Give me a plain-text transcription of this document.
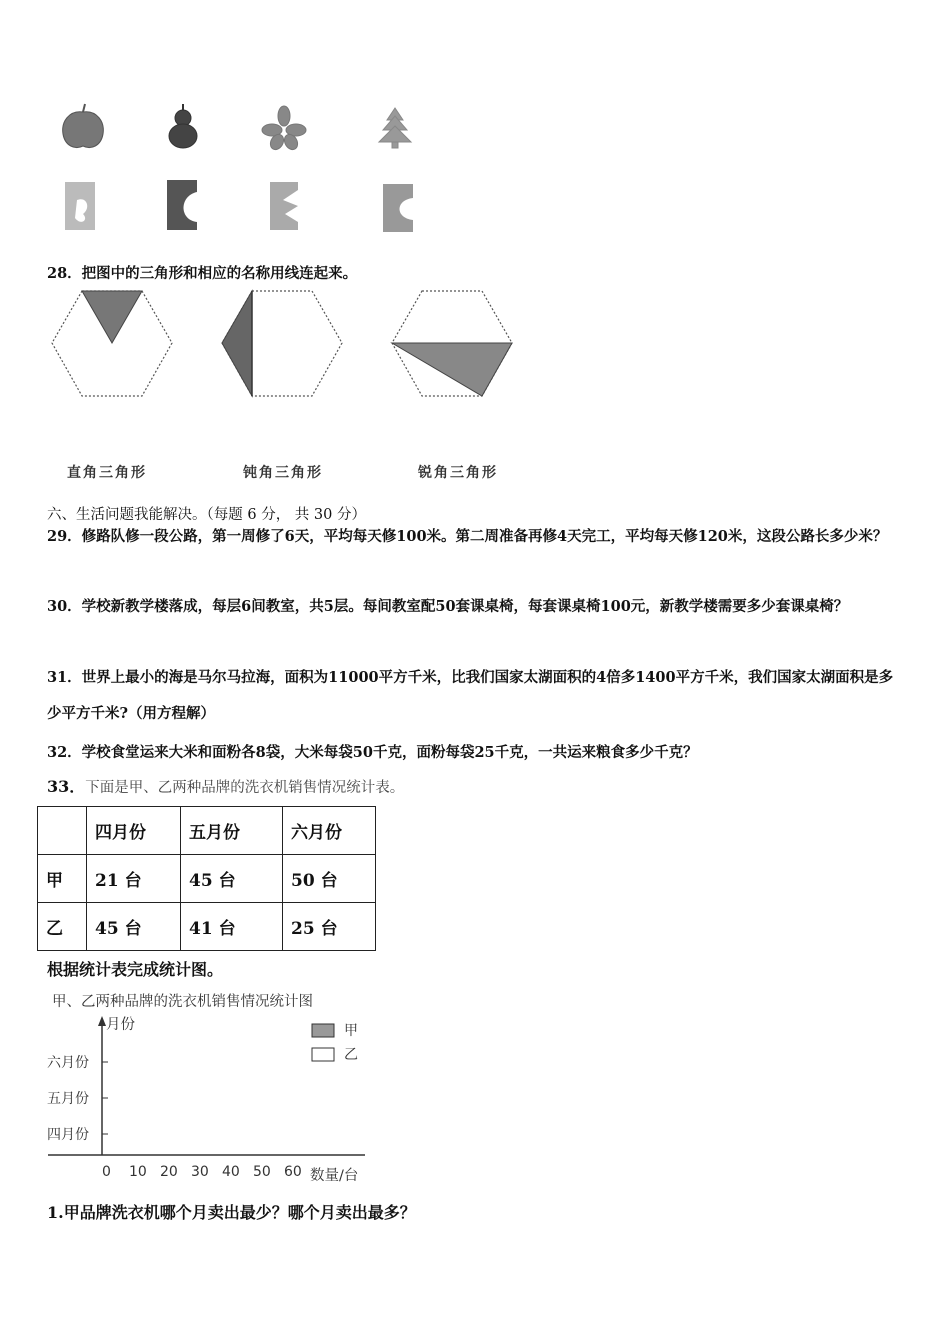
28．把图中的三角形和相应的名称用线连起来。
直角三角形	钝角三角形	锐角三角形
六、生活问题我能解决。（每题 6 分， 共 30 分）
29．修路队修一段公路，第一周修了6天，平均每天修100米。第二周准备再修4天完工，平均每天修120米，这段公路长多少米？
30．学校新教学楼落成，每层6间教室，共5层。每间教室配50套课桌椅，每套课桌椅100元，新教学楼需要多少套课桌椅？
31．世界上最小的海是马尔马拉海，面积为11000平方千米，比我们国家太湖面积的4倍多1400平方千米，我们国家太湖面积是多少平方千米?（用方程解）
32．学校食堂运来大米和面粉各8袋，大米每袋50千克，面粉每袋25千克，一共运来粮食多少千克？
33．下面是甲、乙两种品牌的洗衣机销售情况统计表。
	四月份	五月份	六月份
甲	21 台	45 台	50 台
乙	45 台	41 台	25 台
根据统计表完成统计图。
甲、乙两种品牌的洗衣机销售情况统计图
月份
六月份
五月份
四月份
甲
乙
0 10 20 30 40 50 60 数量/台
1.甲品牌洗衣机哪个月卖出最少？哪个月卖出最多？
